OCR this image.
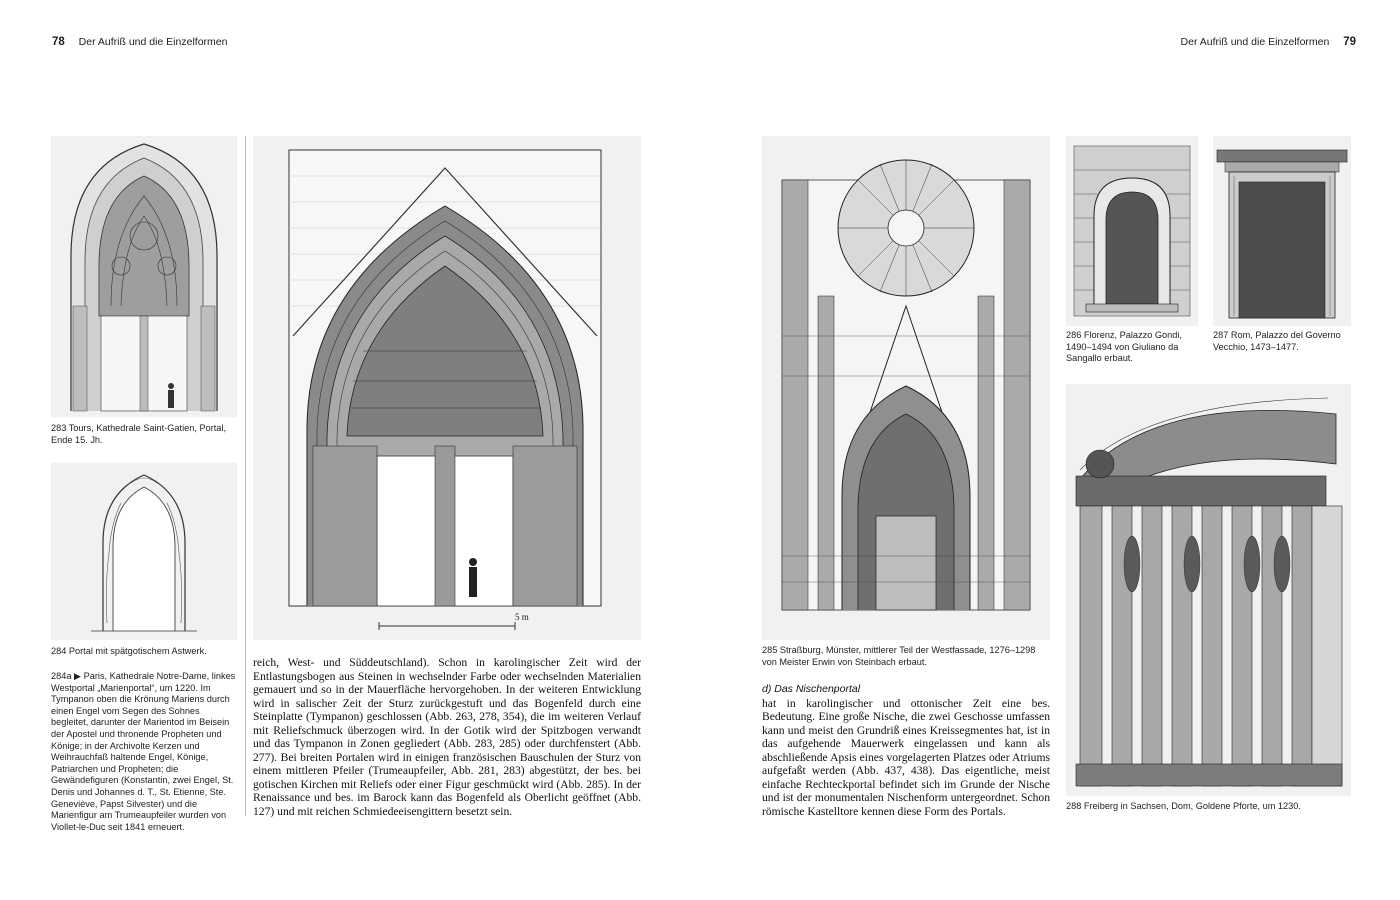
78 Der Aufriß und die Einzelformen	Der Aufriß und die Einzelformen 79
283 Tours, Kathedrale Saint-Gatien, Portal, Ende 15. Jh.
284 Portal mit spätgotischem Astwerk.
284a ▶ Paris, Kathedrale Notre-Dame, linkes Westportal „Marienportal“, um 1220. Im Tympanon oben die Krönung Mariens durch einen Engel vom Segen des Sohnes begleitet, darunter der Marientod im Beisein der Apostel und thronende Propheten und Könige; in der Archivolte Kerzen und Weihrauchfaß haltende Engel, Könige, Patriarchen und Propheten; die Gewändefiguren (Konstantin, zwei Engel, St. Denis und Johannes d. T., St. Etienne, Ste. Geneviève, Papst Silvester) und die Marienfigur am Trumeaupfeiler wurden von Viollet-le-Duc seit 1841 erneuert.
5 m

reich, West- und Süddeutschland). Schon in karolingischer Zeit wird der Entlastungsbogen aus Steinen in wechselnder Farbe oder wechselnden Materialien gemauert und so in der Mauerfläche hervorgehoben. In der weiteren Entwicklung wird in salischer Zeit der Sturz zurückgestuft und das Bogenfeld durch eine Steinplatte (Tympanon) geschlossen (Abb. 263, 278, 354), die im weiteren Verlauf mit Reliefschmuck überzogen wird. In der Gotik wird der Spitzbogen verwandt und das Tympanon in Zonen gegliedert (Abb. 283, 285) oder durchfenstert (Abb. 277). Bei breiten Portalen wird in einigen französischen Bauschulen der Sturz von einem mittleren Pfeiler (Trumeaupfeiler, Abb. 281, 283) abgestützt, der bes. bei gotischen Kirchen mit Reliefs oder einer Figur geschmückt wird (Abb. 285). In der Renaissance und bes. im Barock kann das Bogenfeld als Oberlicht geöffnet (Abb. 127) und mit reichen Schmiedeeisengittern besetzt sein.

285 Straßburg, Münster, mittlerer Teil der Westfassade, 1276–1298 von Meister Erwin von Steinbach erbaut.

d) Das Nischenportal

hat in karolingischer und ottonischer Zeit eine bes. Bedeutung. Eine große Nische, die zwei Geschosse umfassen kann und meist den Grundriß eines Kreissegmentes hat, ist in das aufgehende Mauerwerk eingelassen und kann als abschließende Apsis eines vorgelagerten Platzes oder Atriums aufgefaßt werden (Abb. 437, 438). Das eigentliche, meist einfache Rechteckportal befindet sich im Grunde der Nische und ist der monumentalen Nischenform untergeordnet. Schon römische Kastelltore kennen diese Form des Portals.

286 Florenz, Palazzo Gondi, 1490–1494 von Giuliano da Sangallo erbaut.
287 Rom, Palazzo del Governo Vecchio, 1473–1477.
288 Freiberg in Sachsen, Dom, Goldene Pforte, um 1230.
